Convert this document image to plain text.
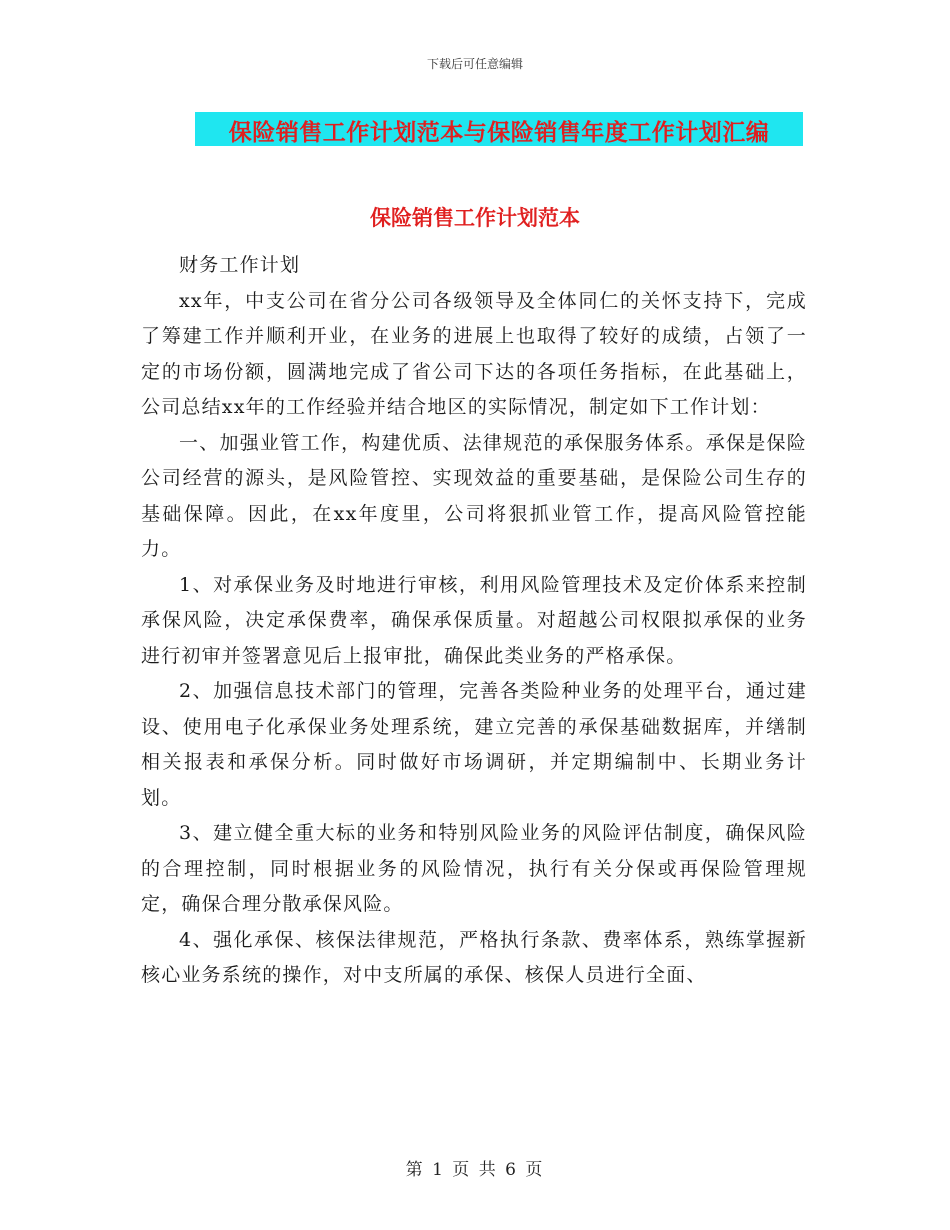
下载后可任意编辑
保险销售工作计划范本与保险销售年度工作计划汇编
保险销售工作计划范本

财务工作计划

xx年，中支公司在省分公司各级领导及全体同仁的关怀支持下，完成了筹建工作并顺利开业，在业务的进展上也取得了较好的成绩，占领了一定的市场份额，圆满地完成了省公司下达的各项任务指标，在此基础上，公司总结xx年的工作经验并结合地区的实际情况，制定如下工作计划：

一、加强业管工作，构建优质、法律规范的承保服务体系。承保是保险公司经营的源头，是风险管控、实现效益的重要基础，是保险公司生存的基础保障。因此，在xx年度里，公司将狠抓业管工作，提高风险管控能力。

1、对承保业务及时地进行审核，利用风险管理技术及定价体系来控制承保风险，决定承保费率，确保承保质量。对超越公司权限拟承保的业务进行初审并签署意见后上报审批，确保此类业务的严格承保。

2、加强信息技术部门的管理，完善各类险种业务的处理平台，通过建设、使用电子化承保业务处理系统，建立完善的承保基础数据库，并缮制相关报表和承保分析。同时做好市场调研，并定期编制中、长期业务计划。

3、建立健全重大标的业务和特别风险业务的风险评估制度，确保风险的合理控制，同时根据业务的风险情况，执行有关分保或再保险管理规定，确保合理分散承保风险。

4、强化承保、核保法律规范，严格执行条款、费率体系，熟练掌握新核心业务系统的操作，对中支所属的承保、核保人员进行全面、

第 1 页 共 6 页
